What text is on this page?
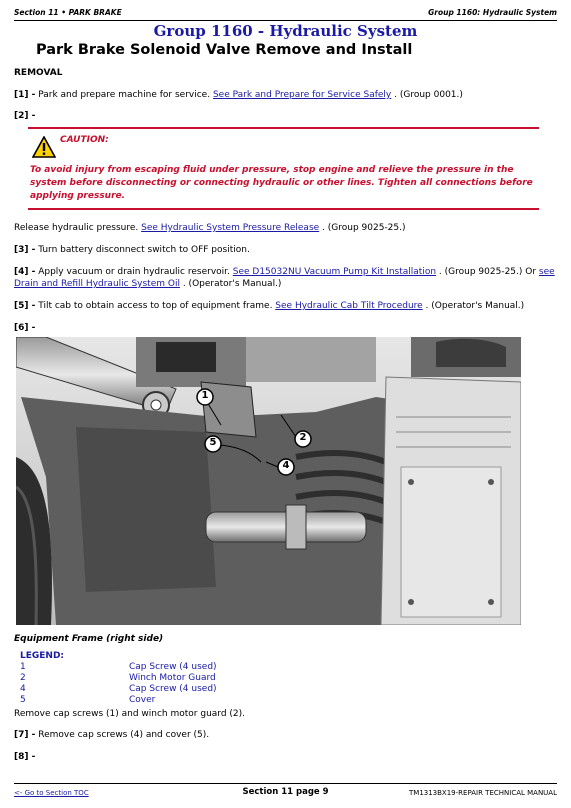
Section 11 • PARK BRAKE	Group 1160: Hydraulic System
Group 1160 - Hydraulic System
Park Brake Solenoid Valve Remove and Install
REMOVAL
[1] - Park and prepare machine for service. See Park and Prepare for Service Safely . (Group 0001.)
[2] -
CAUTION:
To avoid injury from escaping fluid under pressure, stop engine and relieve the pressure in the system before disconnecting or connecting hydraulic or other lines. Tighten all connections before applying pressure.
Release hydraulic pressure. See Hydraulic System Pressure Release . (Group 9025-25.)
[3] - Turn battery disconnect switch to OFF position.
[4] - Apply vacuum or drain hydraulic reservoir. See D15032NU Vacuum Pump Kit Installation . (Group 9025-25.) Or see Drain and Refill Hydraulic System Oil . (Operator's Manual.)
[5] - Tilt cab to obtain access to top of equipment frame. See Hydraulic Cab Tilt Procedure . (Operator's Manual.)
[6] -
1
2
4
5
Equipment Frame (right side)
LEGEND:
1	Cap Screw (4 used)
2	Winch Motor Guard
4	Cap Screw (4 used)
5	Cover
Remove cap screws (1) and winch motor guard (2).
[7] - Remove cap screws (4) and cover (5).
[8] -
<- Go to Section TOC	Section 11 page 9	TM1313BX19-REPAIR TECHNICAL MANUAL
